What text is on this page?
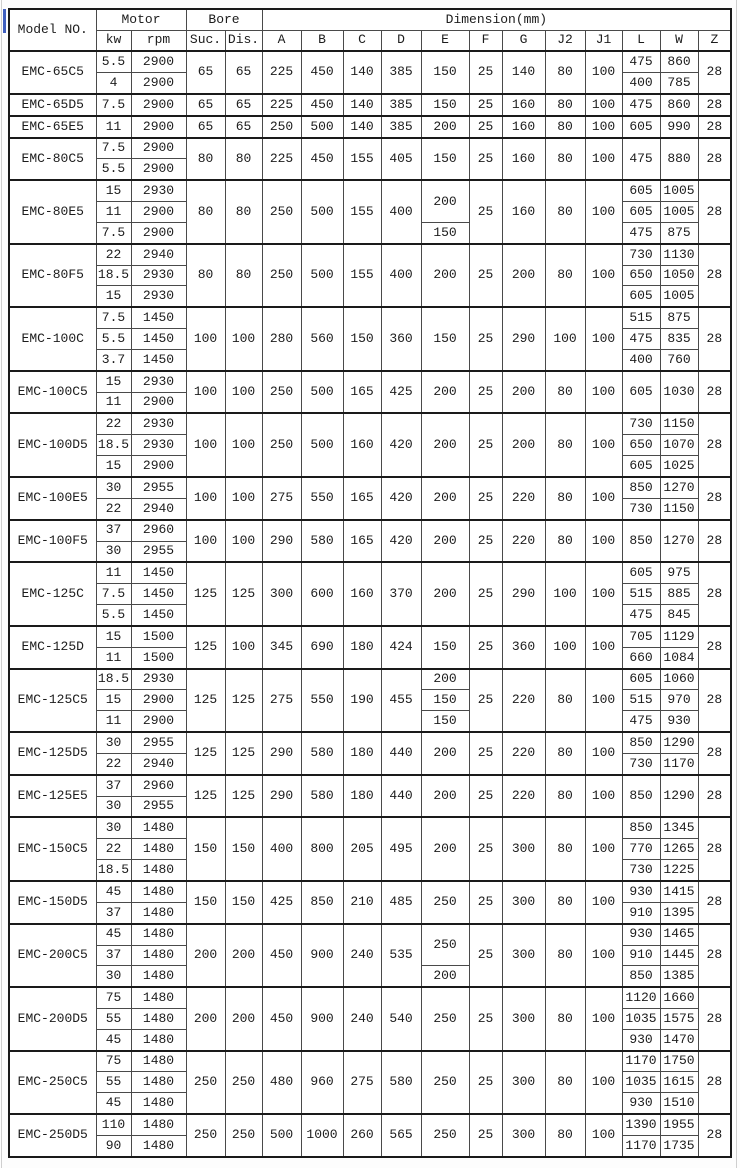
Model NO.	Motor		Bore		Dimension(mm)											
	kw	rpm	Suc.	Dis.	A	B	C	D	E	F	G	J2	J1	L	W	Z
EMC-65C5	5.5	2900	65	65	225	450	140	385	150	25	140	80	100	475	860	28
	4	2900												400	785	
EMC-65D5	7.5	2900	65	65	225	450	140	385	150	25	160	80	100	475	860	28
EMC-65E5	11	2900	65	65	250	500	140	385	200	25	160	80	100	605	990	28
EMC-80C5	7.5	2900	80	80	225	450	155	405	150	25	160	80	100	475	880	28
	5.5	2900														
EMC-80E5	15	2930	80	80	250	500	155	400	200	25	160	80	100	605	1005	28
	11	2900												605	1005	
	7.5	2900							150					475	875	
EMC-80F5	22	2940	80	80	250	500	155	400	200	25	200	80	100	730	1130	28
	18.5	2930												650	1050	
	15	2930												605	1005	
EMC-100C	7.5	1450	100	100	280	560	150	360	150	25	290	100	100	515	875	28
	5.5	1450												475	835	
	3.7	1450												400	760	
EMC-100C5	15	2930	100	100	250	500	165	425	200	25	200	80	100	605	1030	28
	11	2900														
EMC-100D5	22	2930	100	100	250	500	160	420	200	25	200	80	100	730	1150	28
	18.5	2930												650	1070	
	15	2900												605	1025	
EMC-100E5	30	2955	100	100	275	550	165	420	200	25	220	80	100	850	1270	28
	22	2940												730	1150	
EMC-100F5	37	2960	100	100	290	580	165	420	200	25	220	80	100	850	1270	28
	30	2955														
EMC-125C	11	1450	125	125	300	600	160	370	200	25	290	100	100	605	975	28
	7.5	1450												515	885	
	5.5	1450												475	845	
EMC-125D	15	1500	125	100	345	690	180	424	150	25	360	100	100	705	1129	28
	11	1500												660	1084	
EMC-125C5	18.5	2930	125	125	275	550	190	455	200	25	220	80	100	605	1060	28
	15	2900							150					515	970	
	11	2900							150					475	930	
EMC-125D5	30	2955	125	125	290	580	180	440	200	25	220	80	100	850	1290	28
	22	2940												730	1170	
EMC-125E5	37	2960	125	125	290	580	180	440	200	25	220	80	100	850	1290	28
	30	2955														
EMC-150C5	30	1480	150	150	400	800	205	495	200	25	300	80	100	850	1345	28
	22	1480												770	1265	
	18.5	1480												730	1225	
EMC-150D5	45	1480	150	150	425	850	210	485	250	25	300	80	100	930	1415	28
	37	1480												910	1395	
EMC-200C5	45	1480	200	200	450	900	240	535	250	25	300	80	100	930	1465	28
	37	1480												910	1445	
	30	1480							200					850	1385	
EMC-200D5	75	1480	200	200	450	900	240	540	250	25	300	80	100	1120	1660	28
	55	1480												1035	1575	
	45	1480												930	1470	
EMC-250C5	75	1480	250	250	480	960	275	580	250	25	300	80	100	1170	1750	28
	55	1480												1035	1615	
	45	1480												930	1510	
EMC-250D5	110	1480	250	250	500	1000	260	565	250	25	300	80	100	1390	1955	28
	90	1480												1170	1735	
